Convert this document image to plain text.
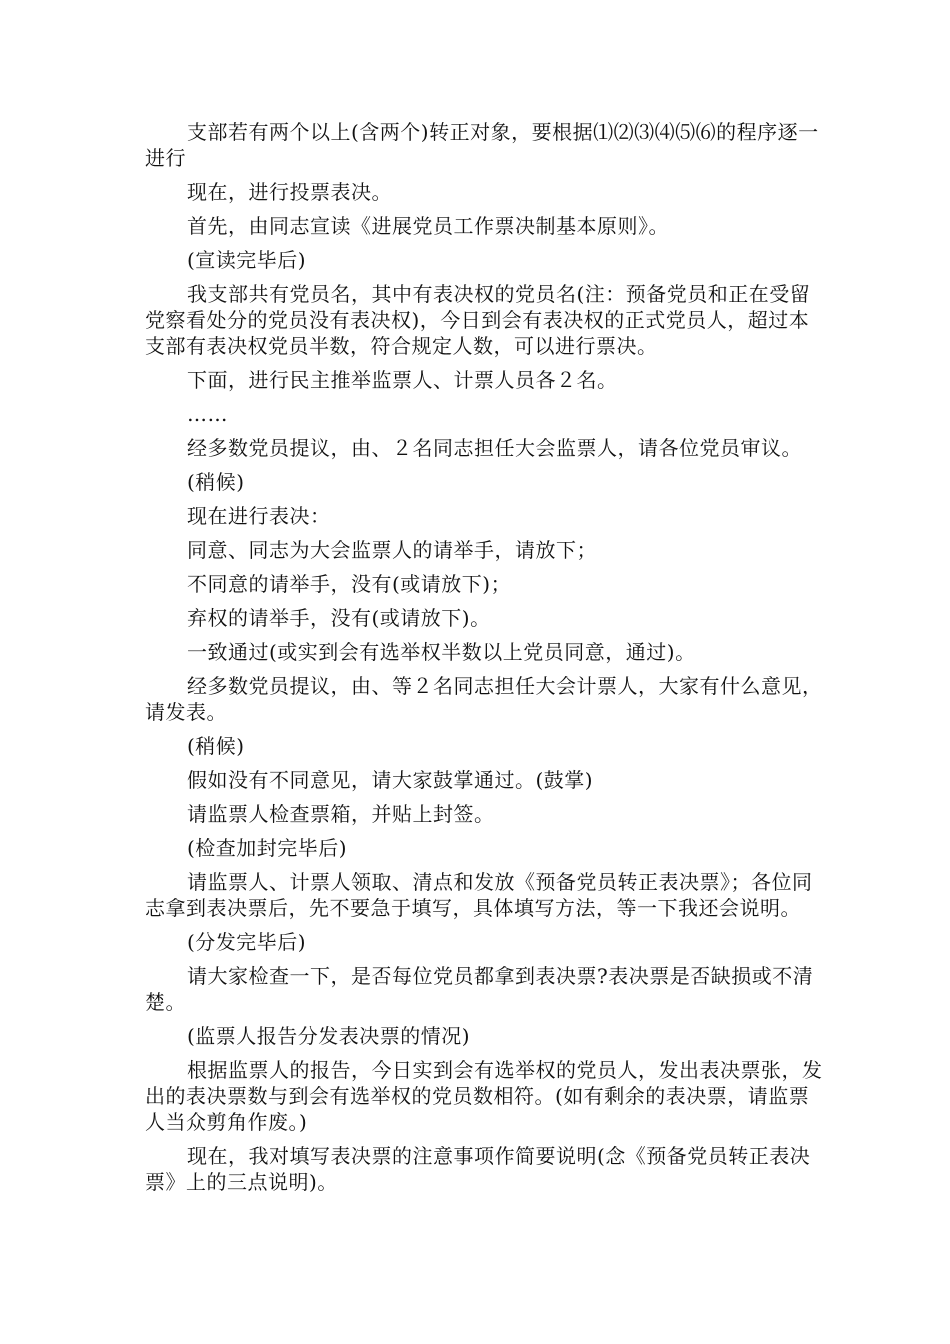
支部若有两个以上(含两个)转正对象，要根据⑴⑵⑶⑷⑸⑹的程序逐一进行

现在，进行投票表决。

首先，由同志宣读《进展党员工作票决制基本原则》。

(宣读完毕后)

我支部共有党员名，其中有表决权的党员名(注：预备党员和正在受留党察看处分的党员没有表决权)，今日到会有表决权的正式党员人，超过本支部有表决权党员半数，符合规定人数，可以进行票决。

下面，进行民主推举监票人、计票人员各２名。

……

经多数党员提议，由、２名同志担任大会监票人，请各位党员审议。

(稍候)

现在进行表决：

同意、同志为大会监票人的请举手，请放下；

不同意的请举手，没有(或请放下)；

弃权的请举手，没有(或请放下)。

一致通过(或实到会有选举权半数以上党员同意，通过)。

经多数党员提议，由、等２名同志担任大会计票人，大家有什么意见，请发表。

(稍候)

假如没有不同意见，请大家鼓掌通过。(鼓掌)

请监票人检查票箱，并贴上封签。

(检查加封完毕后)

请监票人、计票人领取、清点和发放《预备党员转正表决票》；各位同志拿到表决票后，先不要急于填写，具体填写方法，等一下我还会说明。

(分发完毕后)

请大家检查一下，是否每位党员都拿到表决票?表决票是否缺损或不清楚。

(监票人报告分发表决票的情况)

根据监票人的报告，今日实到会有选举权的党员人，发出表决票张，发出的表决票数与到会有选举权的党员数相符。(如有剩余的表决票，请监票人当众剪角作废。)

现在，我对填写表决票的注意事项作简要说明(念《预备党员转正表决票》上的三点说明)。
